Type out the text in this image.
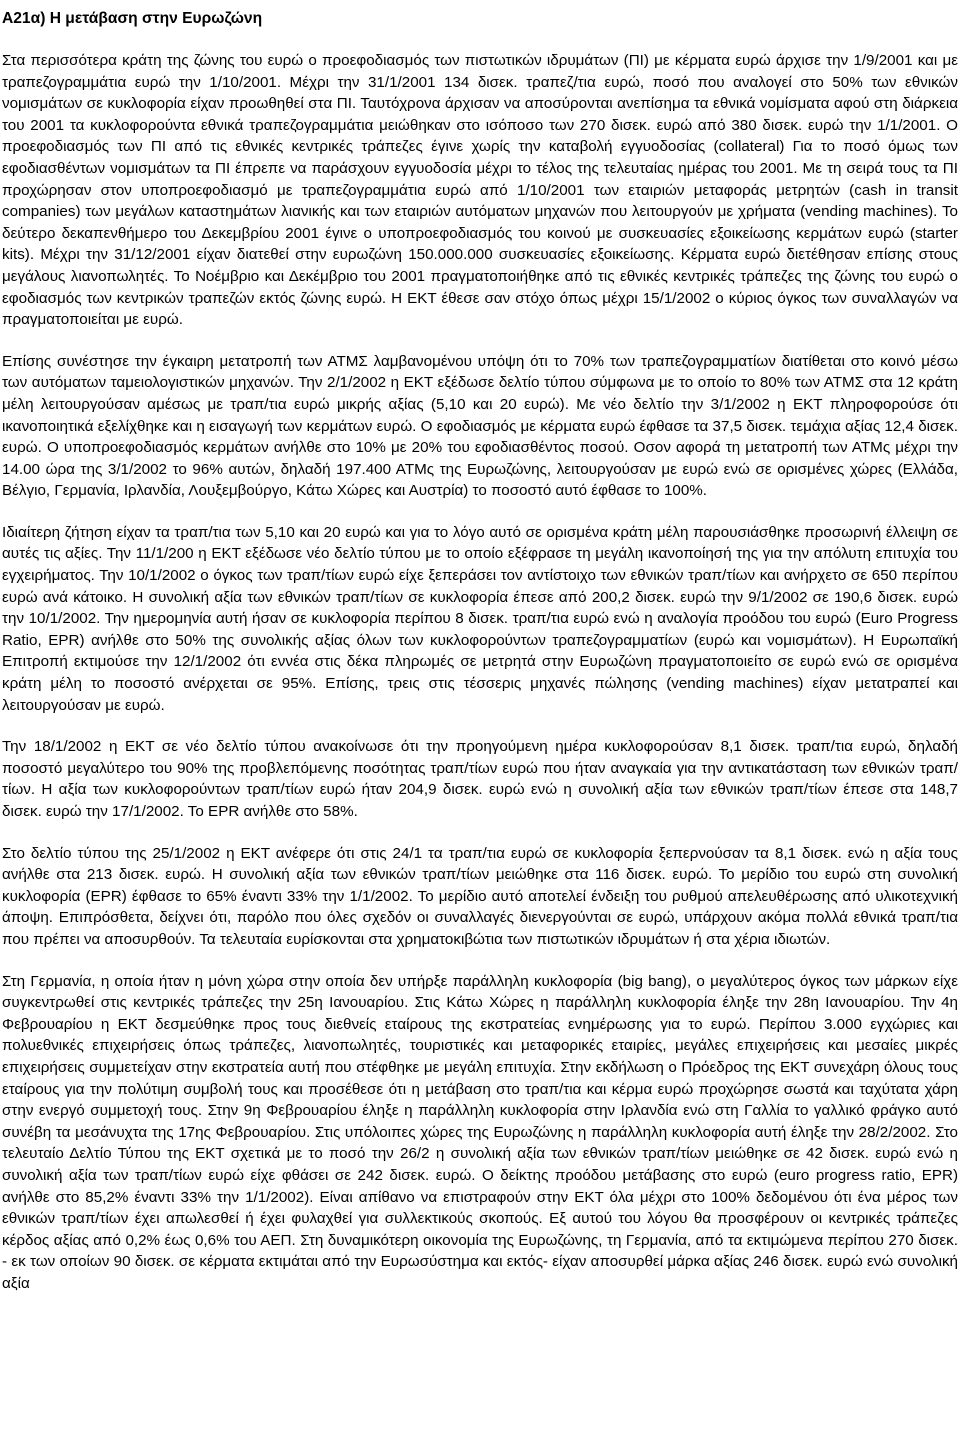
Α21α) Η μετάβαση στην Ευρωζώνη

Στα περισσότερα κράτη της ζώνης του ευρώ ο προεφοδιασμός των πιστωτικών ιδρυμάτων (ΠΙ) με κέρματα ευρώ άρχισε την 1/9/2001 και με τραπεζογραμμάτια ευρώ την 1/10/2001. Μέχρι την 31/1/2001 134 δισεκ. τραπεζ/τια ευρώ, ποσό που αναλογεί στο 50% των εθνικών νομισμάτων σε κυκλοφορία είχαν προωθηθεί στα ΠΙ. Ταυτόχρονα άρχισαν να αποσύρονται ανεπίσημα τα εθνικά νομίσματα αφού στη διάρκεια του 2001 τα κυκλοφορούντα εθνικά τραπεζογραμμάτια μειώθηκαν στο ισόποσο των 270 δισεκ. ευρώ από 380 δισεκ. ευρώ την 1/1/2001. Ο προεφοδιασμός των ΠΙ από τις εθνικές κεντρικές τράπεζες έγινε χωρίς την καταβολή εγγυοδοσίας (collateral) Για το ποσό όμως των εφοδιασθέντων νομισμάτων τα ΠΙ έπρεπε να παράσχουν εγγυοδοσία μέχρι το τέλος της τελευταίας ημέρας του 2001. Με τη σειρά τους τα ΠΙ προχώρησαν στον υποπροεφοδιασμό με τραπεζογραμμάτια ευρώ από 1/10/2001 των εταιριών μεταφοράς μετρητών (cash in transit companies) των μεγάλων καταστημάτων λιανικής και των εταιριών αυτόματων μηχανών που λειτουργούν με χρήματα (vending machines). Το δεύτερο δεκαπενθήμερο του Δεκεμβρίου 2001 έγινε ο υποπροεφοδιασμός του κοινού με συσκευασίες εξοικείωσης κερμάτων ευρώ (starter kits). Μέχρι την 31/12/2001 είχαν διατεθεί στην ευρωζώνη 150.000.000 συσκευασίες εξοικείωσης. Κέρματα ευρώ διετέθησαν επίσης στους μεγάλους λιανοπωλητές. Το Νοέμβριο και Δεκέμβριο του 2001 πραγματοποιήθηκε από τις εθνικές κεντρικές τράπεζες της ζώνης του ευρώ ο εφοδιασμός των κεντρικών τραπεζών εκτός ζώνης ευρώ. Η ΕΚΤ έθεσε σαν στόχο όπως μέχρι 15/1/2002 ο κύριος όγκος των συναλλαγών να πραγματοποιείται με ευρώ.

Επίσης συνέστησε την έγκαιρη μετατροπή των ΑΤΜΣ λαμβανομένου υπόψη ότι το 70% των τραπεζογραμματίων διατίθεται στο κοινό μέσω των αυτόματων ταμειολογιστικών μηχανών. Την 2/1/2002 η ΕΚΤ εξέδωσε δελτίο τύπου σύμφωνα με το οποίο το 80% των ΑΤΜΣ στα 12 κράτη μέλη λειτουργούσαν αμέσως με τραπ/τια ευρώ μικρής αξίας (5,10 και 20 ευρώ). Με νέο δελτίο την 3/1/2002 η ΕΚΤ πληροφορούσε ότι ικανοποιητικά εξελίχθηκε και η εισαγωγή των κερμάτων ευρώ. Ο εφοδιασμός με κέρματα ευρώ έφθασε τα 37,5 δισεκ. τεμάχια αξίας 12,4 δισεκ. ευρώ. Ο υποπροεφοδιασμός κερμάτων ανήλθε στο 10% με 20% του εφοδιασθέντος ποσού. Οσον αφορά τη μετατροπή των ΑΤΜς μέχρι την 14.00 ώρα της 3/1/2002 το 96% αυτών, δηλαδή 197.400 ΑΤΜς της Ευρωζώνης, λειτουργούσαν με ευρώ ενώ σε ορισμένες χώρες (Ελλάδα, Βέλγιο, Γερμανία, Ιρλανδία, Λουξεμβούργο, Κάτω Χώρες και Αυστρία) το ποσοστό αυτό έφθασε το 100%.

Ιδιαίτερη ζήτηση είχαν τα τραπ/τια των 5,10 και 20 ευρώ και για το λόγο αυτό σε ορισμένα κράτη μέλη παρουσιάσθηκε προσωρινή έλλειψη σε αυτές τις αξίες. Την 11/1/200 η ΕΚΤ εξέδωσε νέο δελτίο τύπου με το οποίο εξέφρασε τη μεγάλη ικανοποίησή της για την απόλυτη επιτυχία του εγχειρήματος. Την 10/1/2002 ο όγκος των τραπ/τίων ευρώ είχε ξεπεράσει τον αντίστοιχο των εθνικών τραπ/τίων και ανήρχετο σε 650 περίπου ευρώ ανά κάτοικο. Η συνολική αξία των εθνικών τραπ/τίων σε κυκλοφορία έπεσε από 200,2 δισεκ. ευρώ την 9/1/2002 σε 190,6 δισεκ. ευρώ την 10/1/2002. Την ημερομηνία αυτή ήσαν σε κυκλοφορία περίπου 8 δισεκ. τραπ/τια ευρώ ενώ η αναλογία προόδου του ευρώ (Euro Progress Ratio, EPR) ανήλθε στο 50% της συνολικής αξίας όλων των κυκλοφορούντων τραπεζογραμματίων (ευρώ και νομισμάτων). Η Ευρωπαϊκή Επιτροπή εκτιμούσε την 12/1/2002 ότι εννέα στις δέκα πληρωμές σε μετρητά στην Ευρωζώνη πραγματοποιείτο σε ευρώ ενώ σε ορισμένα κράτη μέλη το ποσοστό ανέρχεται σε 95%. Επίσης, τρεις στις τέσσερις μηχανές πώλησης (vending machines) είχαν μετατραπεί και λειτουργούσαν με ευρώ.

Την 18/1/2002 η ΕΚΤ σε νέο δελτίο τύπου ανακοίνωσε ότι την προηγούμενη ημέρα κυκλοφορούσαν 8,1 δισεκ. τραπ/τια ευρώ, δηλαδή ποσοστό μεγαλύτερο του 90% της προβλεπόμενης ποσότητας τραπ/τίων ευρώ που ήταν αναγκαία για την αντικατάσταση των εθνικών τραπ/τίων. Η αξία των κυκλοφορούντων τραπ/τίων ευρώ ήταν 204,9 δισεκ. ευρώ ενώ η συνολική αξία των εθνικών τραπ/τίων έπεσε στα 148,7 δισεκ. ευρώ την 17/1/2002. Το EPR ανήλθε στο 58%.

Στο δελτίο τύπου της 25/1/2002 η ΕΚΤ ανέφερε ότι στις 24/1 τα τραπ/τια ευρώ σε κυκλοφορία ξεπερνούσαν τα 8,1 δισεκ. ενώ η αξία τους ανήλθε στα 213 δισεκ. ευρώ. Η συνολική αξία των εθνικών τραπ/τίων μειώθηκε στα 116 δισεκ. ευρώ. Το μερίδιο του ευρώ στη συνολική κυκλοφορία (EPR) έφθασε το 65% έναντι 33% την 1/1/2002. Το μερίδιο αυτό αποτελεί ένδειξη του ρυθμού απελευθέρωσης από υλικοτεχνική άποψη. Επιπρόσθετα, δείχνει ότι, παρόλο που όλες σχεδόν οι συναλλαγές διενεργούνται σε ευρώ, υπάρχουν ακόμα πολλά εθνικά τραπ/τια που πρέπει να αποσυρθούν. Τα τελευταία ευρίσκονται στα χρηματοκιβώτια των πιστωτικών ιδρυμάτων ή στα χέρια ιδιωτών.

Στη Γερμανία, η οποία ήταν η μόνη χώρα στην οποία δεν υπήρξε παράλληλη κυκλοφορία (big bang), ο μεγαλύτερος όγκος των μάρκων είχε συγκεντρωθεί στις κεντρικές τράπεζες την 25η Ιανουαρίου. Στις Κάτω Χώρες η παράλληλη κυκλοφορία έληξε την 28η Ιανουαρίου. Την 4η Φεβρουαρίου η ΕΚΤ δεσμεύθηκε προς τους διεθνείς εταίρους της εκστρατείας ενημέρωσης για το ευρώ. Περίπου 3.000 εγχώριες και πολυεθνικές επιχειρήσεις όπως τράπεζες, λιανοπωλητές, τουριστικές και μεταφορικές εταιρίες, μεγάλες επιχειρήσεις και μεσαίες μικρές επιχειρήσεις συμμετείχαν στην εκστρατεία αυτή που στέφθηκε με μεγάλη επιτυχία. Στην εκδήλωση ο Πρόεδρος της ΕΚΤ συνεχάρη όλους τους εταίρους για την πολύτιμη συμβολή τους και προσέθεσε ότι η μετάβαση στο τραπ/τια και κέρμα ευρώ προχώρησε σωστά και ταχύτατα χάρη στην ενεργό συμμετοχή τους. Στην 9η Φεβρουαρίου έληξε η παράλληλη κυκλοφορία στην Ιρλανδία ενώ στη Γαλλία το γαλλικό φράγκο αυτό συνέβη τα μεσάνυχτα της 17ης Φεβρουαρίου. Στις υπόλοιπες χώρες της Ευρωζώνης η παράλληλη κυκλοφορία αυτή έληξε την 28/2/2002. Στο τελευταίο Δελτίο Τύπου της ΕΚΤ σχετικά με το ποσό την 26/2 η συνολική αξία των εθνικών τραπ/τίων μειώθηκε σε 42 δισεκ. ευρώ ενώ η συνολική αξία των τραπ/τίων ευρώ είχε φθάσει σε 242 δισεκ. ευρώ. Ο δείκτης προόδου μετάβασης στο ευρώ (euro progress ratio, EPR) ανήλθε στο 85,2% έναντι 33% την 1/1/2002). Είναι απίθανο να επιστραφούν στην ΕΚΤ όλα μέχρι στο 100% δεδομένου ότι ένα μέρος των εθνικών τραπ/τίων έχει απωλεσθεί ή έχει φυλαχθεί για συλλεκτικούς σκοπούς. Εξ αυτού του λόγου θα προσφέρουν οι κεντρικές τράπεζες κέρδος αξίας από 0,2% έως 0,6% του ΑΕΠ. Στη δυναμικότερη οικονομία της Ευρωζώνης, τη Γερμανία, από τα εκτιμώμενα περίπου 270 δισεκ. - εκ των οποίων 90 δισεκ. σε κέρματα εκτιμάται από την Ευρωσύστημα και εκτός- είχαν αποσυρθεί μάρκα αξίας 246 δισεκ. ευρώ ενώ συνολική αξία
